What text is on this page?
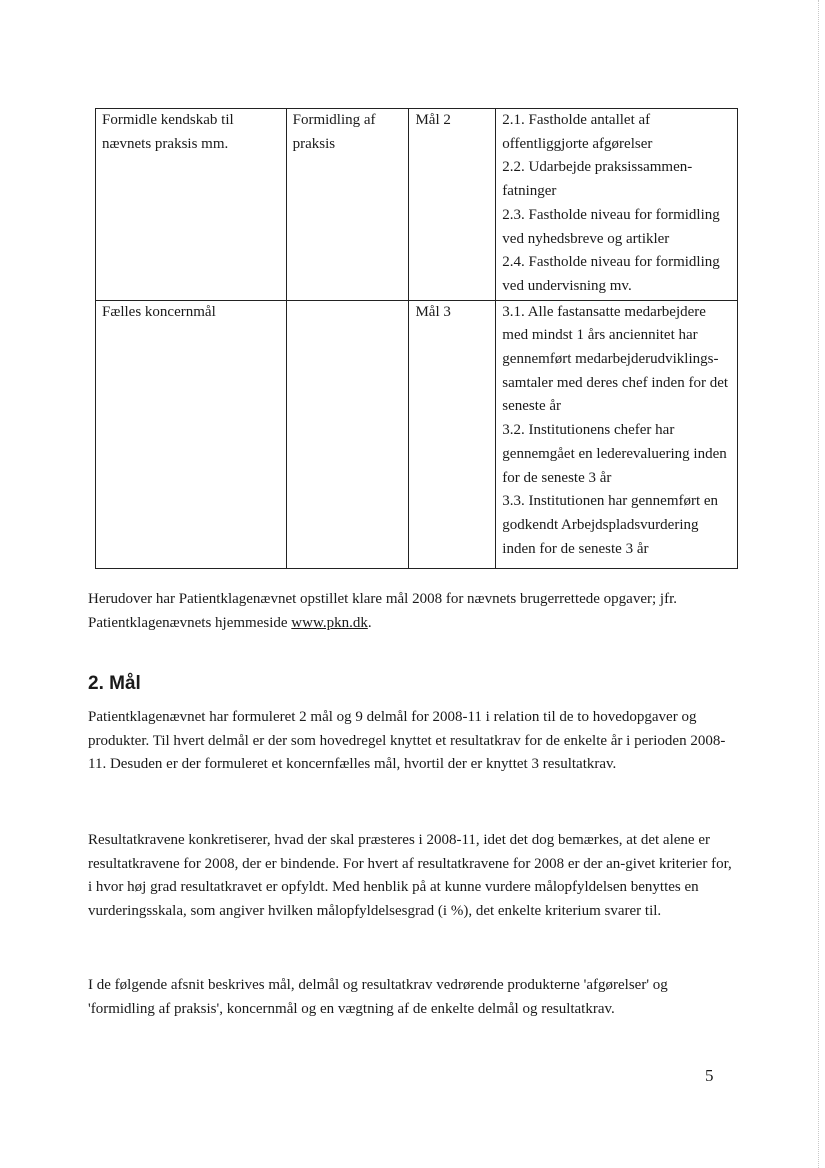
Formidle kendskab til nævnets praksis mm.	Formidling af praksis	Mål 2	2.1. Fastholde antallet af offentliggjorte afgørelser
2.2. Udarbejde praksissammen-fatninger
2.3. Fastholde niveau for formidling ved nyhedsbreve og artikler
2.4. Fastholde niveau for formidling ved undervisning mv.

Fælles koncernmål		Mål 3	3.1. Alle fastansatte medarbejdere med mindst 1 års anciennitet har gennemført medarbejderudviklings-samtaler med deres chef inden for det seneste år
3.2. Institutionens chefer har gennemgået en lederevaluering inden for de seneste 3 år
3.3. Institutionen har gennemført en godkendt Arbejdspladsvurdering inden for de seneste 3 år

Herudover har Patientklagenævnet opstillet klare mål 2008 for nævnets brugerrettede opgaver; jfr. Patientklagenævnets hjemmeside www.pkn.dk.

2. Mål

Patientklagenævnet har formuleret 2 mål og 9 delmål for 2008-11 i relation til de to hovedopgaver og produkter. Til hvert delmål er der som hovedregel knyttet et resultatkrav for de enkelte år i perioden 2008-11. Desuden er der formuleret et koncernfælles mål, hvortil der er knyttet 3 resultatkrav.

Resultatkravene konkretiserer, hvad der skal præsteres i 2008-11, idet det dog bemærkes, at det alene er resultatkravene for 2008, der er bindende. For hvert af resultatkravene for 2008 er der an-givet kriterier for, i hvor høj grad resultatkravet er opfyldt. Med henblik på at kunne vurdere målopfyldelsen benyttes en vurderingsskala, som angiver hvilken målopfyldelsesgrad (i %), det enkelte kriterium svarer til.

I de følgende afsnit beskrives mål, delmål og resultatkrav vedrørende produkterne 'afgørelser' og 'formidling af praksis', koncernmål og en vægtning af de enkelte delmål og resultatkrav.

5
